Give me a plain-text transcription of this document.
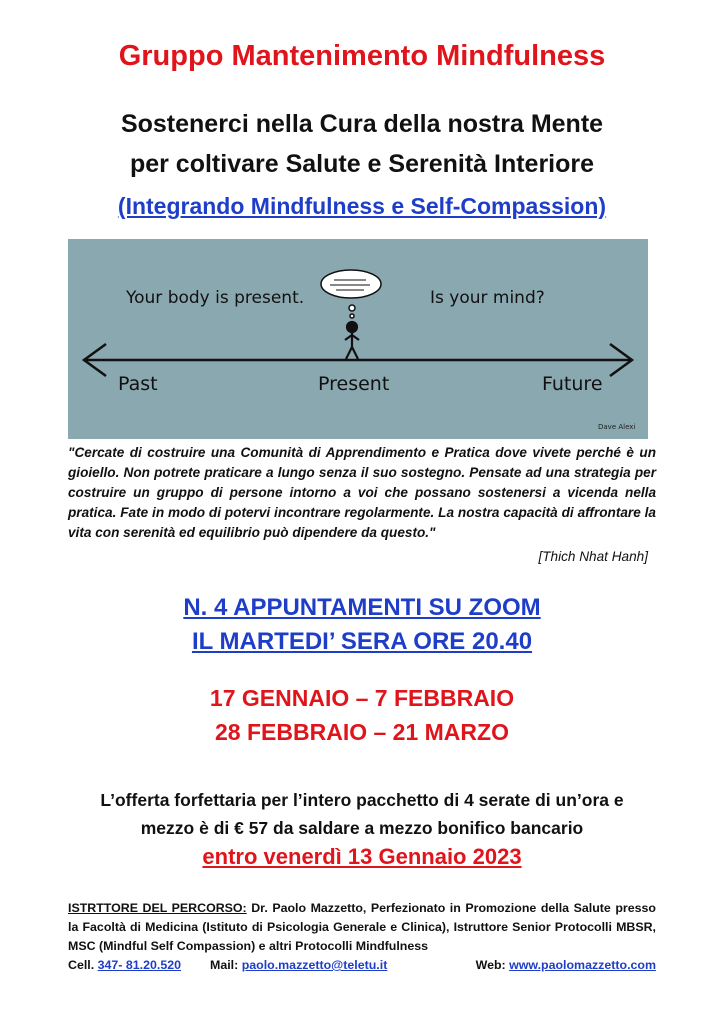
Gruppo Mantenimento Mindfulness
Sostenerci nella Cura della nostra Mente
per coltivare Salute e Serenità Interiore
(Integrando Mindfulness e Self-Compassion)
Your body is present.	Is your mind?
Past	Present	Future
Dave Alexi
"Cercate di costruire una Comunità di Apprendimento e Pratica dove vivete perché è un gioiello. Non potrete praticare a lungo senza il suo sostegno. Pensate ad una strategia per costruire un gruppo di persone intorno a voi che possano sostenersi a vicenda nella pratica. Fate in modo di potervi incontrare regolarmente. La nostra capacità di affrontare la vita con serenità ed equilibrio può dipendere da questo."
[Thich Nhat Hanh]
N. 4 APPUNTAMENTI SU ZOOM
IL MARTEDI’ SERA ORE 20.40
17 GENNAIO – 7 FEBBRAIO
28 FEBBRAIO – 21 MARZO
L’offerta forfettaria per l’intero pacchetto di 4 serate di un’ora e
mezzo è di € 57 da saldare a mezzo bonifico bancario
entro venerdì 13 Gennaio 2023
ISTRTTORE DEL PERCORSO: Dr. Paolo Mazzetto, Perfezionato in Promozione della Salute presso la Facoltà di Medicina (Istituto di Psicologia Generale e Clinica), Istruttore Senior Protocolli MBSR, MSC (Mindful Self Compassion) e altri Protocolli Mindfulness
Cell. 347- 81.20.520 Mail: paolo.mazzetto@teletu.it	Web: www.paolomazzetto.com
